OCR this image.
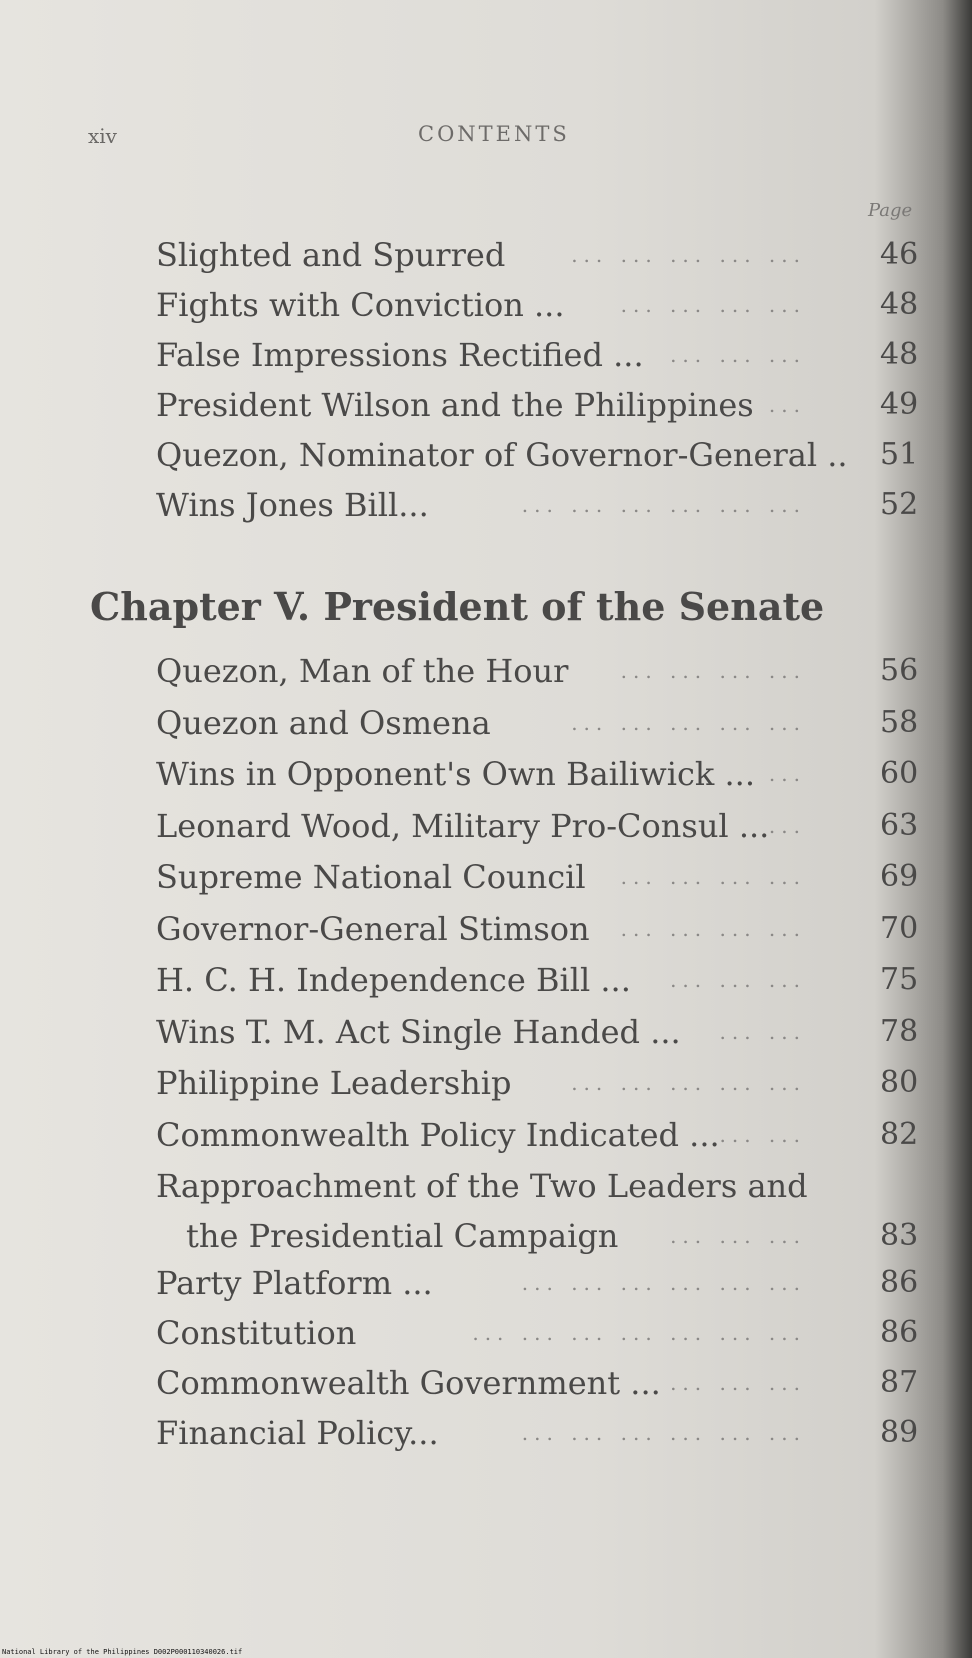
xiv	CONTENTS
Page
Slighted and Spurred	... ... ... ... ... 46
Fights with Conviction ...	... ... ... ... 48
False Impressions Rectified ... ... ... ... 48
President Wilson and the Philippines ... 49
Quezon, Nominator of Governor-General .. 51
Wins Jones Bill...	... ... ... ... ... ... 52
Chapter V. President of the Senate
Quezon, Man of the Hour	... ... ... ... 56
Quezon and Osmena	... ... ... ... ... 58
Wins in Opponent's Own Bailiwick ... ... 60
Leonard Wood, Military Pro-Consul ... ... 63
Supreme National Council ... ... ... ... 69
Governor-General Stimson ... ... ... ... 70
H. C. H. Independence Bill ... ... ... ... 75
Wins T. M. Act Single Handed ... ... ... 78
Philippine Leadership	... ... ... ... ... 80
Commonwealth Policy Indicated ... ... ... 82
Rapproachment of the Two Leaders and
the Presidential Campaign	... ... ... 83
Party Platform ...	... ... ... ... ... ... 86
Constitution	... ... ... ... ... ... ... 86
Commonwealth Government ... ... ... ... 87
Financial Policy...	... ... ... ... ... ... 89
National Library of the Philippines D002P000110340026.tif
